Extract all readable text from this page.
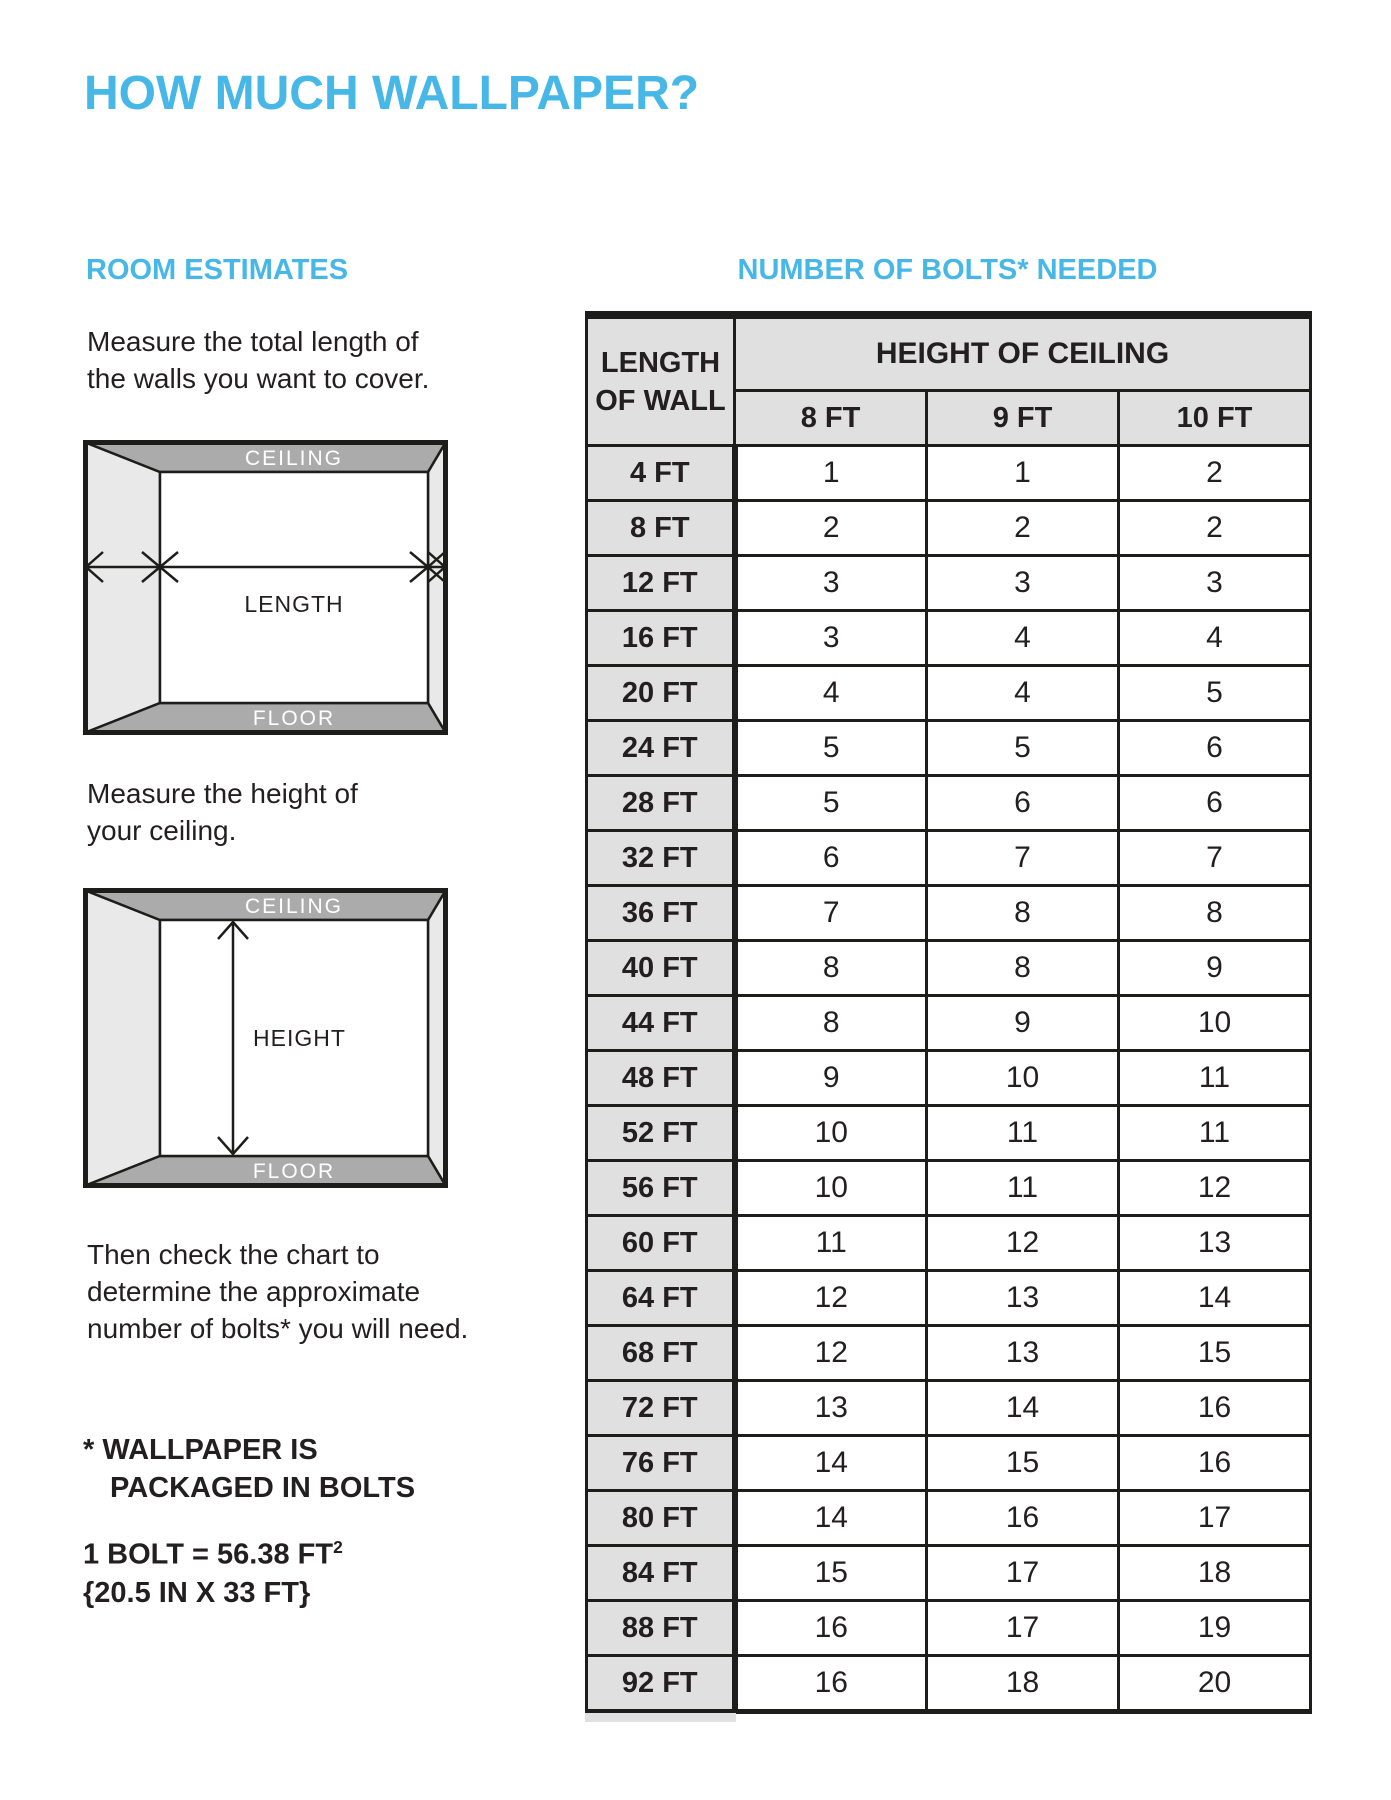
HOW MUCH WALLPAPER?
ROOM ESTIMATES
Measure the total length of
the walls you want to cover.
CEILING
FLOOR
LENGTH
Measure the height of
your ceiling.
CEILING
FLOOR
HEIGHT
Then check the chart to
determine the approximate
number of bolts* you will need.
* WALLPAPER IS
PACKAGED IN BOLTS
1 BOLT = 56.38 $FT^2$
{20.5 IN X 33 FT}
NUMBER OF BOLTS* NEEDED
LENGTH
OF WALL	HEIGHT OF CEILING		
	8 FT	9 FT	10 FT
4 FT	1	1	2
8 FT	2	2	2
12 FT	3	3	3
16 FT	3	4	4
20 FT	4	4	5
24 FT	5	5	6
28 FT	5	6	6
32 FT	6	7	7
36 FT	7	8	8
40 FT	8	8	9
44 FT	8	9	10
48 FT	9	10	11
52 FT	10	11	11
56 FT	10	11	12
60 FT	11	12	13
64 FT	12	13	14
68 FT	12	13	15
72 FT	13	14	16
76 FT	14	15	16
80 FT	14	16	17
84 FT	15	17	18
88 FT	16	17	19
92 FT	16	18	20
